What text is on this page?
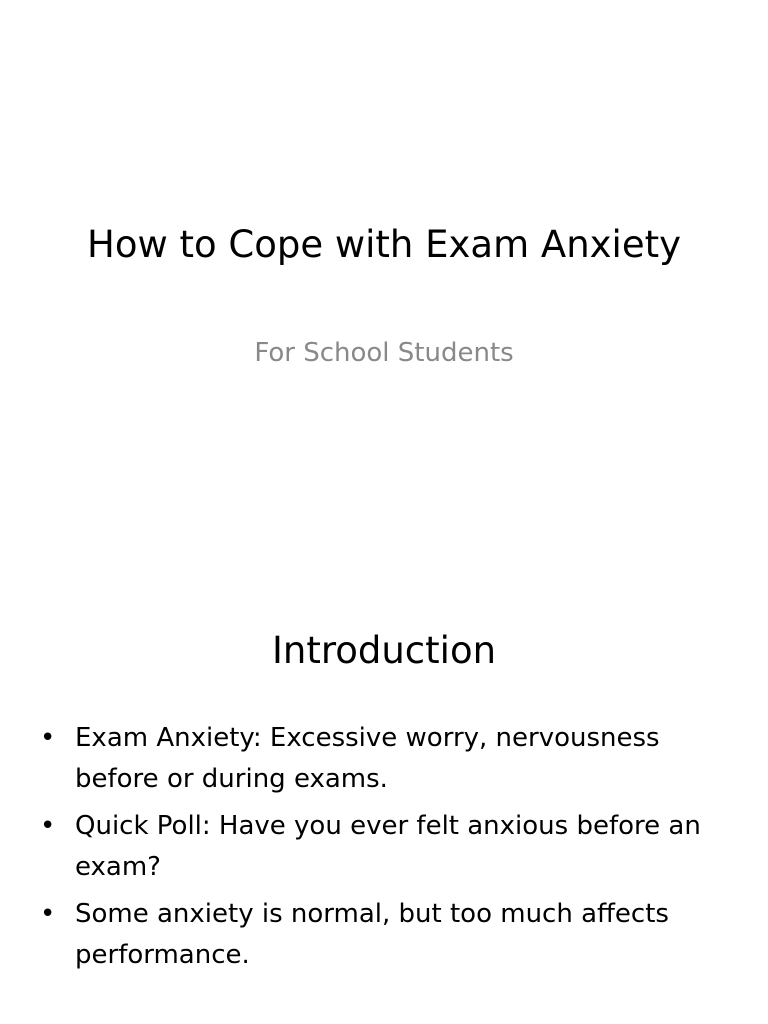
How to Cope with Exam Anxiety
For School Students
Introduction
• Exam Anxiety: Excessive worry, nervousness before or during exams.
• Quick Poll: Have you ever felt anxious before an exam?
• Some anxiety is normal, but too much affects performance.
